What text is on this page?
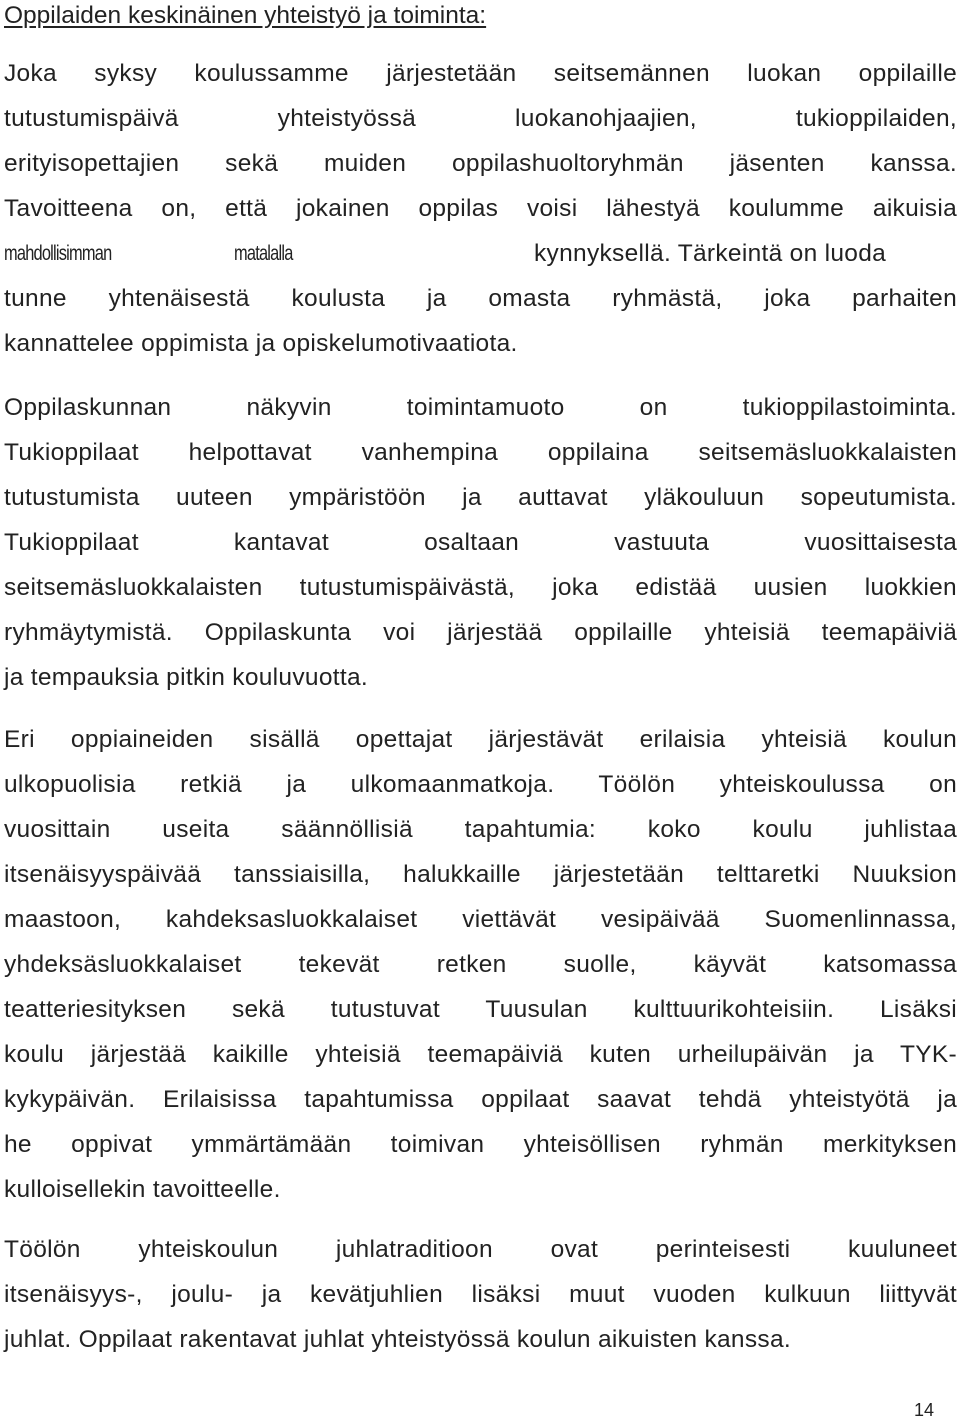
Oppilaiden keskinäinen yhteistyö ja toiminta:
Joka syksy koulussamme järjestetään seitsemännen luokan oppilaille
tutustumispäivä yhteistyössä luokanohjaajien, tukioppilaiden,
erityisopettajien sekä muiden oppilashuoltoryhmän jäsenten kanssa.
Tavoitteena on, että jokainen oppilas voisi lähestyä koulumme aikuisia
mahdollisimman	matalalla	kynnyksellä. Tärkeintä on luoda
tunne yhtenäisestä koulusta ja omasta ryhmästä, joka parhaiten
kannattelee oppimista ja opiskelumotivaatiota.
Oppilaskunnan näkyvin toimintamuoto on tukioppilastoiminta.
Tukioppilaat helpottavat vanhempina oppilaina seitsemäsluokkalaisten
tutustumista uuteen ympäristöön ja auttavat yläkouluun sopeutumista.
Tukioppilaat kantavat osaltaan vastuuta vuosittaisesta
seitsemäsluokkalaisten tutustumispäivästä, joka edistää uusien luokkien
ryhmäytymistä. Oppilaskunta voi järjestää oppilaille yhteisiä teemapäiviä
ja tempauksia pitkin kouluvuotta.
Eri oppiaineiden sisällä opettajat järjestävät erilaisia yhteisiä koulun
ulkopuolisia retkiä ja ulkomaanmatkoja. Töölön yhteiskoulussa on
vuosittain useita säännöllisiä tapahtumia: koko koulu juhlistaa
itsenäisyyspäivää tanssiaisilla, halukkaille järjestetään telttaretki Nuuksion
maastoon, kahdeksasluokkalaiset viettävät vesipäivää Suomenlinnassa,
yhdeksäsluokkalaiset tekevät retken suolle, käyvät katsomassa
teatteriesityksen sekä tutustuvat Tuusulan kulttuurikohteisiin. Lisäksi
koulu järjestää kaikille yhteisiä teemapäiviä kuten urheilupäivän ja TYK-
kykypäivän. Erilaisissa tapahtumissa oppilaat saavat tehdä yhteistyötä ja
he oppivat ymmärtämään toimivan yhteisöllisen ryhmän merkityksen
kulloisellekin tavoitteelle.
Töölön yhteiskoulun juhlatraditioon ovat perinteisesti kuuluneet
itsenäisyys-, joulu- ja kevätjuhlien lisäksi muut vuoden kulkuun liittyvät
juhlat. Oppilaat rakentavat juhlat yhteistyössä koulun aikuisten kanssa.
14
